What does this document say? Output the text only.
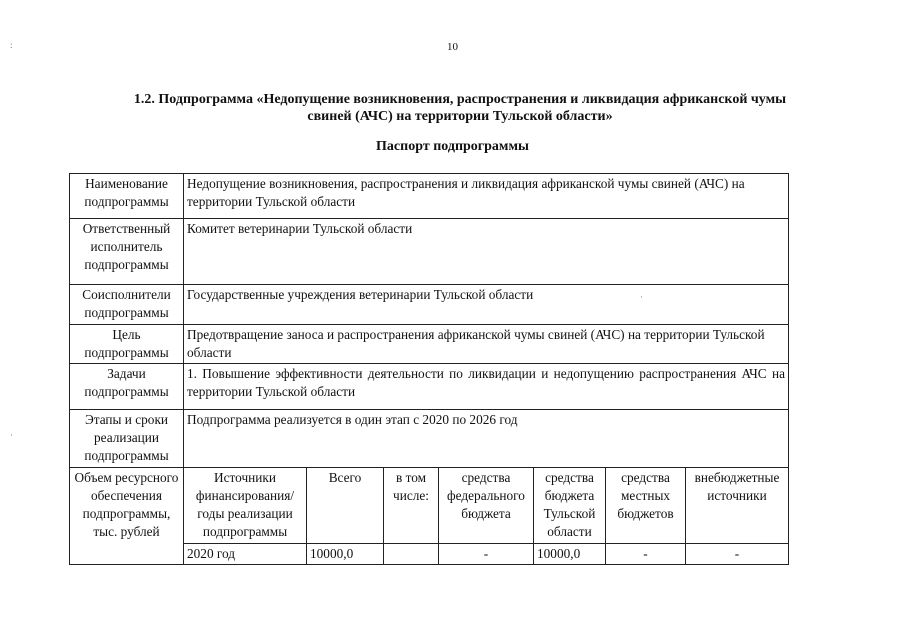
10
1.2. Подпрограмма «Недопущение возникновения, распространения и ликвидация африканской чумы
свиней (АЧС) на территории Тульской области»
Паспорт подпрограммы
Наименование подпрограммы	Недопущение возникновения, распространения и ликвидация африканской чумы свиней (АЧС) на территории Тульской области						
Ответственный исполнитель подпрограммы	Комитет ветеринарии Тульской области						
Соисполнители подпрограммы	Государственные учреждения ветеринарии Тульской области						
Цель подпрограммы	Предотвращение заноса и распространения африканской чумы свиней (АЧС) на территории Тульской области						
Задачи подпрограммы	1. Повышение эффективности деятельности по ликвидации и недопущению распространения АЧС на территории Тульской области						
Этапы и сроки реализации подпрограммы	Подпрограмма реализуется в один этап с 2020 по 2026 год						
Объем ресурсного обеспечения подпрограммы, тыс. рублей	Источники финансирования/ годы реализации подпрограммы	Всего	в том числе:	средства федерального бюджета	средства бюджета Тульской области	средства местных бюджетов	внебюджетные источники
	2020 год	10000,0		-	10000,0	-	-
:
·
·
